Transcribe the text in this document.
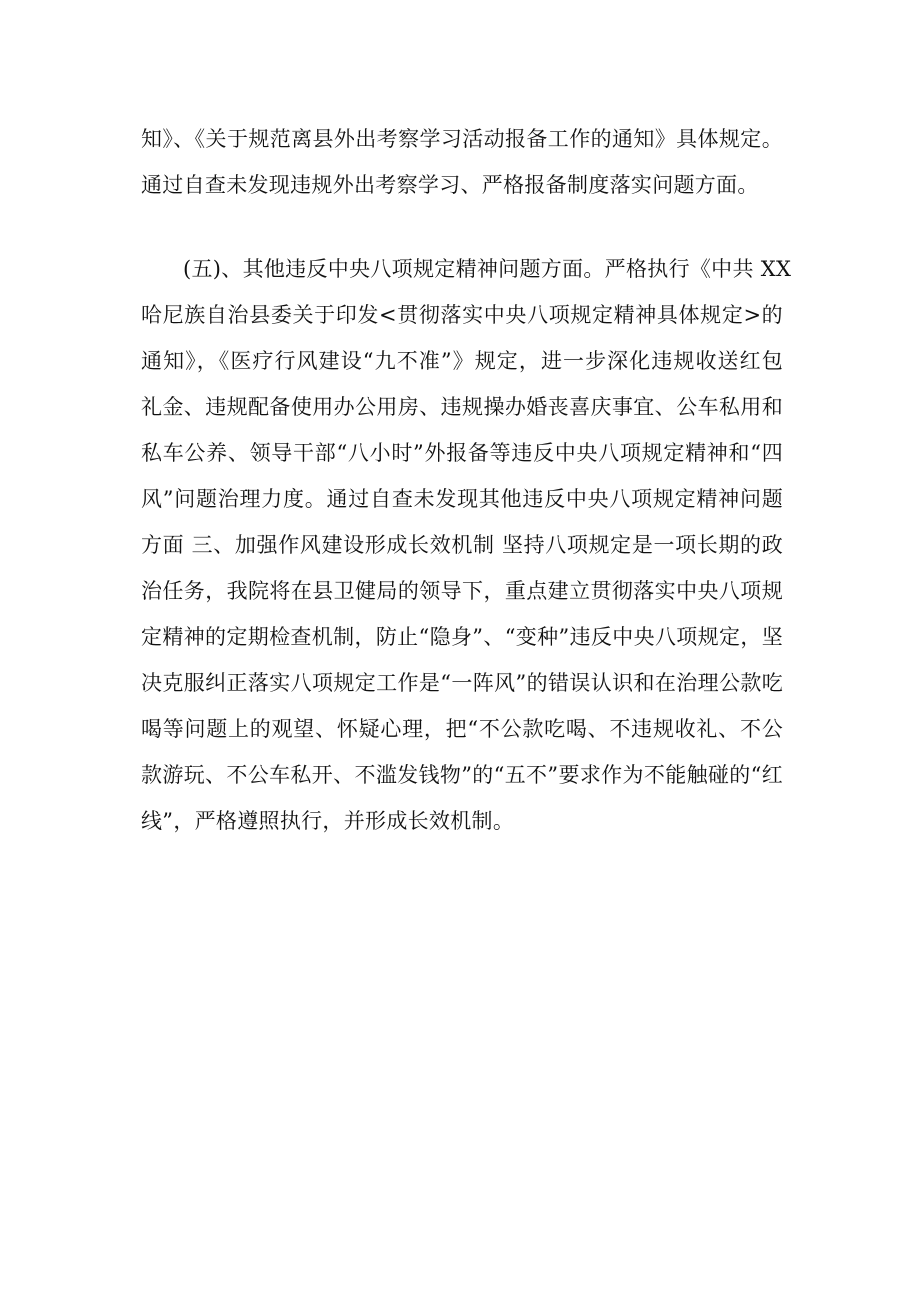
知》、《关于规范离县外出考察学习活动报备工作的通知》具体规定。
通过自查未发现违规外出考察学习、严格报备制度落实问题方面。
(五)、其他违反中央八项规定精神问题方面。严格执行《中共 XX
哈尼族自治县委关于印发<贯彻落实中央八项规定精神具体规定>的
通知》，《医疗行风建设“九不准”》规定，进一步深化违规收送红包
礼金、违规配备使用办公用房、违规操办婚丧喜庆事宜、公车私用和
私车公养、领导干部“八小时”外报备等违反中央八项规定精神和“四
风”问题治理力度。通过自查未发现其他违反中央八项规定精神问题
方面 三、加强作风建设形成长效机制 坚持八项规定是一项长期的政
治任务，我院将在县卫健局的领导下，重点建立贯彻落实中央八项规
定精神的定期检查机制，防止“隐身”、“变种”违反中央八项规定，坚
决克服纠正落实八项规定工作是“一阵风”的错误认识和在治理公款吃
喝等问题上的观望、怀疑心理，把“不公款吃喝、不违规收礼、不公
款游玩、不公车私开、不滥发钱物”的“五不”要求作为不能触碰的“红
线”，严格遵照执行，并形成长效机制。
